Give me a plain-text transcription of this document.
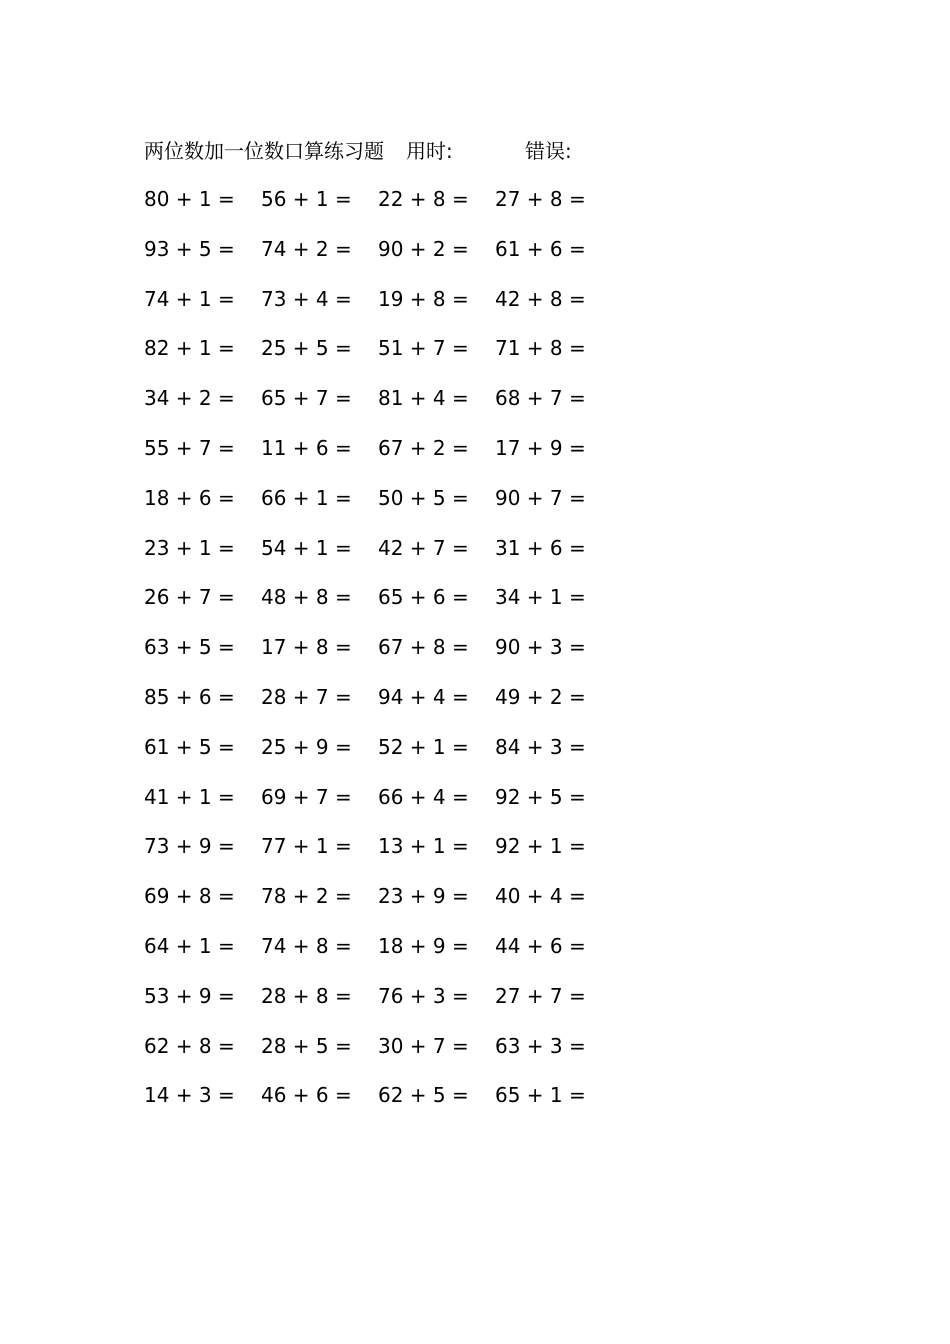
两位数加一位数口算练习题 用时:	错误:
80 + 1 =	56 + 1 =	22 + 8 =	27 + 8 =
93 + 5 =	74 + 2 =	90 + 2 =	61 + 6 =
74 + 1 =	73 + 4 =	19 + 8 =	42 + 8 =
82 + 1 =	25 + 5 =	51 + 7 =	71 + 8 =
34 + 2 =	65 + 7 =	81 + 4 =	68 + 7 =
55 + 7 =	11 + 6 =	67 + 2 =	17 + 9 =
18 + 6 =	66 + 1 =	50 + 5 =	90 + 7 =
23 + 1 =	54 + 1 =	42 + 7 =	31 + 6 =
26 + 7 =	48 + 8 =	65 + 6 =	34 + 1 =
63 + 5 =	17 + 8 =	67 + 8 =	90 + 3 =
85 + 6 =	28 + 7 =	94 + 4 =	49 + 2 =
61 + 5 =	25 + 9 =	52 + 1 =	84 + 3 =
41 + 1 =	69 + 7 =	66 + 4 =	92 + 5 =
73 + 9 =	77 + 1 =	13 + 1 =	92 + 1 =
69 + 8 =	78 + 2 =	23 + 9 =	40 + 4 =
64 + 1 =	74 + 8 =	18 + 9 =	44 + 6 =
53 + 9 =	28 + 8 =	76 + 3 =	27 + 7 =
62 + 8 =	28 + 5 =	30 + 7 =	63 + 3 =
14 + 3 =	46 + 6 =	62 + 5 =	65 + 1 =
